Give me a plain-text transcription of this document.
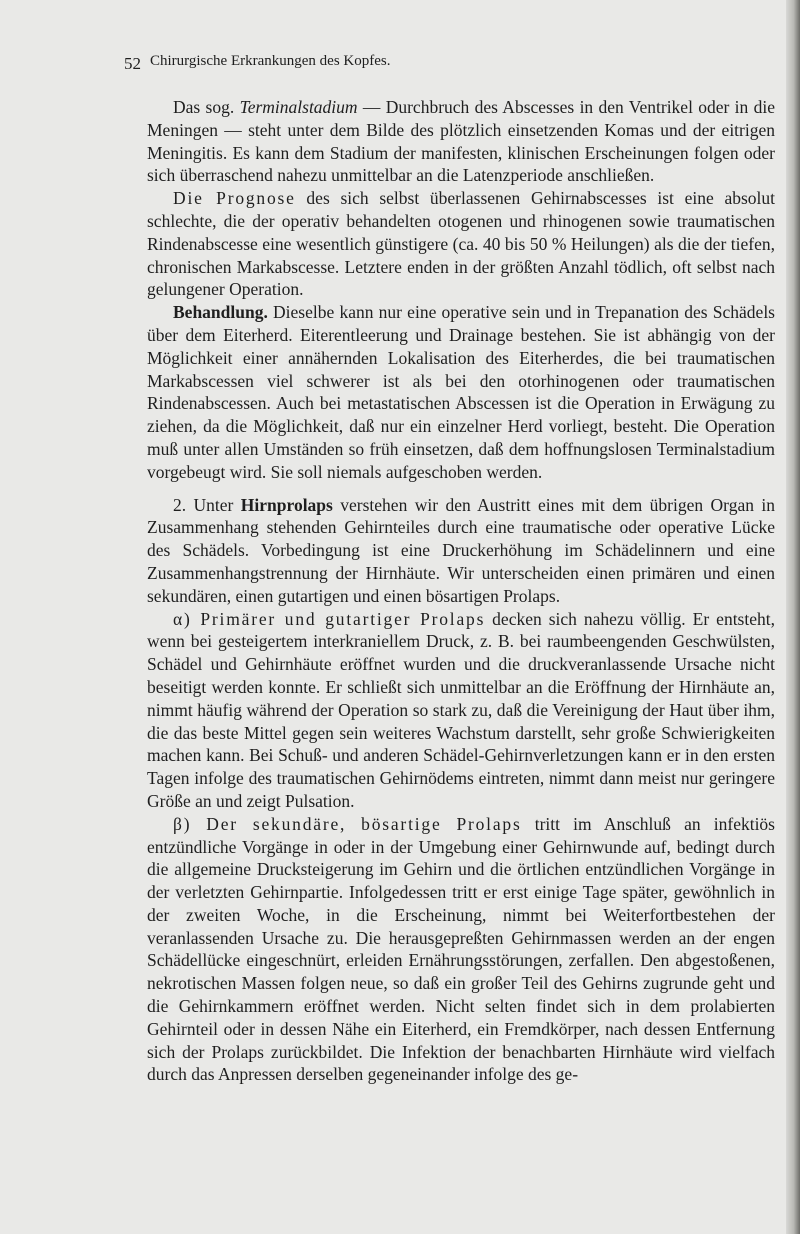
52 Chirurgische Erkrankungen des Kopfes.

Das sog. Terminalstadium — Durchbruch des Abscesses in den Ventrikel oder in die Meningen — steht unter dem Bilde des plötzlich einsetzenden Komas und der eitrigen Meningitis. Es kann dem Stadium der manifesten, klinischen Erscheinungen folgen oder sich überraschend nahezu unmittelbar an die Latenzperiode anschließen.

Die Prognose des sich selbst überlassenen Gehirnabscesses ist eine absolut schlechte, die der operativ behandelten otogenen und rhinogenen sowie traumatischen Rindenabscesse eine wesentlich günstigere (ca. 40 bis 50 % Heilungen) als die der tiefen, chronischen Markabscesse. Letztere enden in der größten Anzahl tödlich, oft selbst nach gelungener Operation.

Behandlung. Dieselbe kann nur eine operative sein und in Trepanation des Schädels über dem Eiterherd. Eiterentleerung und Drainage bestehen. Sie ist abhängig von der Möglichkeit einer annähernden Lokalisation des Eiterherdes, die bei traumatischen Markabscessen viel schwerer ist als bei den otorhinogenen oder traumatischen Rindenabscessen. Auch bei metastatischen Abscessen ist die Operation in Erwägung zu ziehen, da die Möglichkeit, daß nur ein einzelner Herd vorliegt, besteht. Die Operation muß unter allen Umständen so früh einsetzen, daß dem hoffnungslosen Terminalstadium vorgebeugt wird. Sie soll niemals aufgeschoben werden.

2. Unter Hirnprolaps verstehen wir den Austritt eines mit dem übrigen Organ in Zusammenhang stehenden Gehirnteiles durch eine traumatische oder operative Lücke des Schädels. Vorbedingung ist eine Druckerhöhung im Schädelinnern und eine Zusammenhangstrennung der Hirnhäute. Wir unterscheiden einen primären und einen sekundären, einen gutartigen und einen bösartigen Prolaps.

α) Primärer und gutartiger Prolaps decken sich nahezu völlig. Er entsteht, wenn bei gesteigertem interkraniellem Druck, z. B. bei raumbeengenden Geschwülsten, Schädel und Gehirnhäute eröffnet wurden und die druckveranlassende Ursache nicht beseitigt werden konnte. Er schließt sich unmittelbar an die Eröffnung der Hirnhäute an, nimmt häufig während der Operation so stark zu, daß die Vereinigung der Haut über ihm, die das beste Mittel gegen sein weiteres Wachstum darstellt, sehr große Schwierigkeiten machen kann. Bei Schuß- und anderen Schädel-Gehirnverletzungen kann er in den ersten Tagen infolge des traumatischen Gehirnödems eintreten, nimmt dann meist nur geringere Größe an und zeigt Pulsation.

β) Der sekundäre, bösartige Prolaps tritt im Anschluß an infektiös entzündliche Vorgänge in oder in der Umgebung einer Gehirnwunde auf, bedingt durch die allgemeine Drucksteigerung im Gehirn und die örtlichen entzündlichen Vorgänge in der verletzten Gehirnpartie. Infolgedessen tritt er erst einige Tage später, gewöhnlich in der zweiten Woche, in die Erscheinung, nimmt bei Weiterfortbestehen der veranlassenden Ursache zu. Die herausgepreßten Gehirnmassen werden an der engen Schädellücke eingeschnürt, erleiden Ernährungsstörungen, zerfallen. Den abgestoßenen, nekrotischen Massen folgen neue, so daß ein großer Teil des Gehirns zugrunde geht und die Gehirnkammern eröffnet werden. Nicht selten findet sich in dem prolabierten Gehirnteil oder in dessen Nähe ein Eiterherd, ein Fremdkörper, nach dessen Entfernung sich der Prolaps zurückbildet. Die Infektion der benachbarten Hirnhäute wird vielfach durch das Anpressen derselben gegeneinander infolge des ge-
